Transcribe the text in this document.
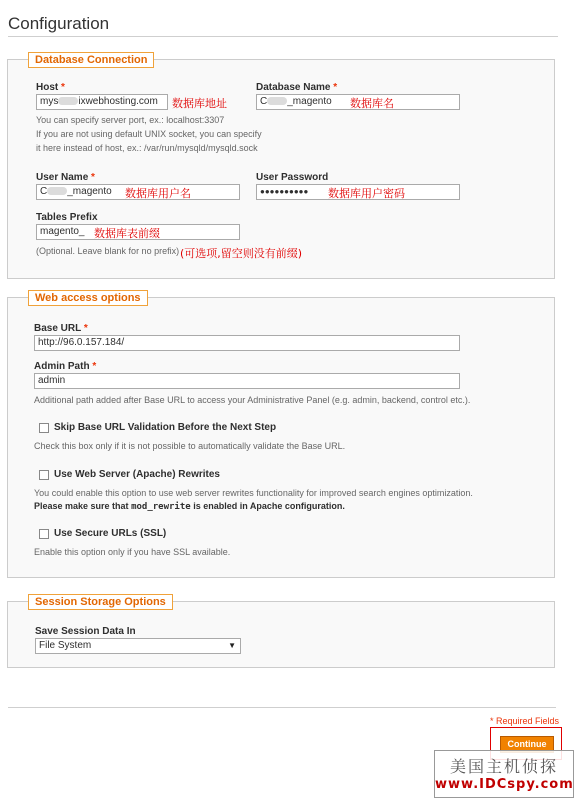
Configuration
Database Connection
Host *
mys ixwebhosting.com	数据库地址
You can specify server port, ex.: localhost:3307
If you are not using default UNIX socket, you can specify
it here instead of host, ex.: /var/run/mysqld/mysqld.sock
Database Name *
C _magento	数据库名
User Name *
C _magento	数据库用户名
User Password
●●●●●●●●●●	数据库用户密码
Tables Prefix
magento_ 数据库表前缀
(Optional. Leave blank for no prefix) (可选项,留空则没有前缀)
Web access options
Base URL *
http://96.0.157.184/
Admin Path *
admin
Additional path added after Base URL to access your Administrative Panel (e.g. admin, backend, control etc.).
Skip Base URL Validation Before the Next Step
Check this box only if it is not possible to automatically validate the Base URL.
Use Web Server (Apache) Rewrites
You could enable this option to use web server rewrites functionality for improved search engines optimization.
Please make sure that mod_rewrite is enabled in Apache configuration.
Use Secure URLs (SSL)
Enable this option only if you have SSL available.
Session Storage Options
Save Session Data In
File System	▼
* Required Fields
Continue
美国主机侦探
www.IDCspy.com
